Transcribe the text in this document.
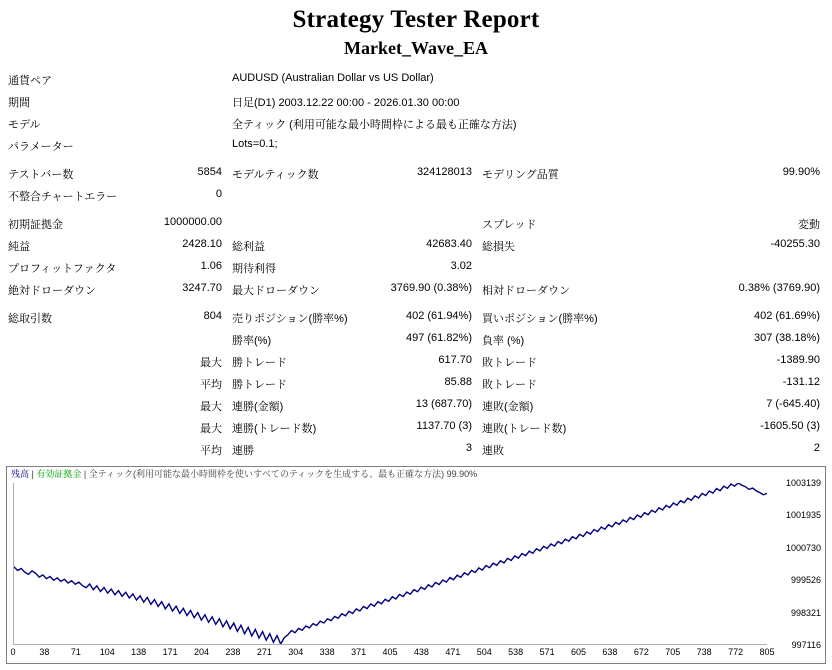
Strategy Tester Report
Market_Wave_EA
通貨ペア		AUDUSD (Australian Dollar vs US Dollar)			
期間		日足(D1) 2003.12.22 00:00 - 2026.01.30 00:00			
モデル		全ティック (利用可能な最小時間枠による最も正確な方法)			
パラメーター		Lots=0.1;			

テストバー数	5854	モデルティック数	324128013	モデリング品質	99.90%
不整合チャートエラー	0				

初期証拠金	1000000.00			スプレッド	変動
純益	2428.10	総利益	42683.40	総損失	-40255.30
プロフィットファクタ	1.06	期待利得	3.02		
絶対ドローダウン	3247.70	最大ドローダウン	3769.90 (0.38%)	相対ドローダウン	0.38% (3769.90)

総取引数	804	売りポジション(勝率%)	402 (61.94%)	買いポジション(勝率%)	402 (61.69%)
		勝率(%)	497 (61.82%)	負率 (%)	307 (38.18%)
	最大	勝トレード	617.70	敗トレード	-1389.90
	平均	勝トレード	85.88	敗トレード	-131.12
	最大	連勝(金額)	13 (687.70)	連敗(金額)	7 (-645.40)
	最大	連勝(トレード数)	1137.70 (3)	連敗(トレード数)	-1605.50 (3)
	平均	連勝	3	連敗	2
残高 | 有効証拠金 | 全ティック(利用可能な最小時間枠を使いすべてのティックを生成する、最も正確な方法) 99.90%
1003139
1001935
1000730
999526
998321
997116
0	38 71 104 138 171 204 238 271 304 338 371 405 438 471 504 538 571 605 638 672 705 738 772 805
